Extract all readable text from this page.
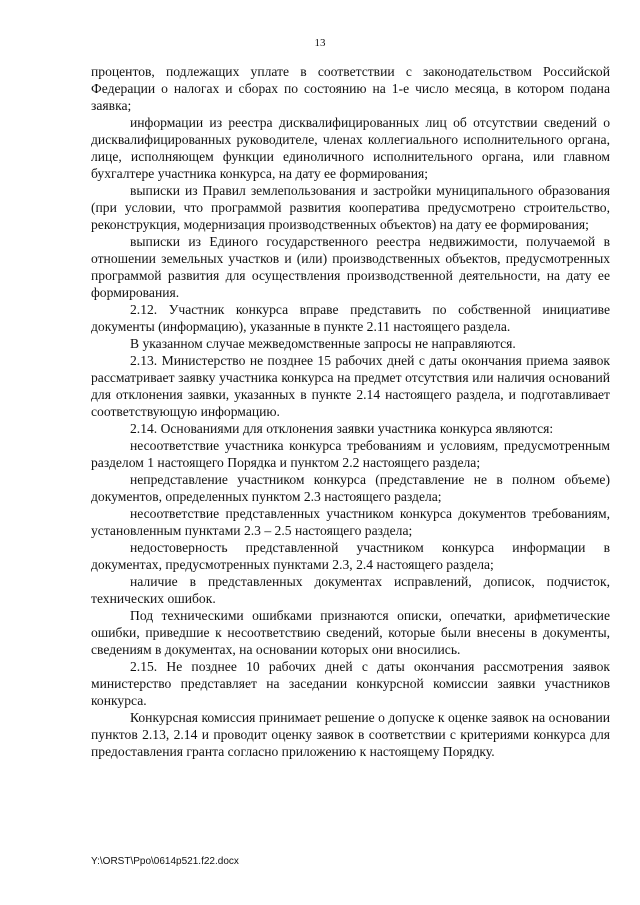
13

процентов, подлежащих уплате в соответствии с законодательством Российской Федерации о налогах и сборах по состоянию на 1-е число месяца, в котором подана заявка;

информации из реестра дисквалифицированных лиц об отсутствии сведений о дисквалифицированных руководителе, членах коллегиального исполнительного органа, лице, исполняющем функции единоличного исполнительного органа, или главном бухгалтере участника конкурса, на дату ее формирования;

выписки из Правил землепользования и застройки муниципального образования (при условии, что программой развития кооператива предусмотрено строительство, реконструкция, модернизация производственных объектов) на дату ее формирования;

выписки из Единого государственного реестра недвижимости, получаемой в отношении земельных участков и (или) производственных объектов, предусмотренных программой развития для осуществления производственной деятельности, на дату ее формирования.

2.12. Участник конкурса вправе представить по собственной инициативе документы (информацию), указанные в пункте 2.11 настоящего раздела.

В указанном случае межведомственные запросы не направляются.

2.13. Министерство не позднее 15 рабочих дней с даты окончания приема заявок рассматривает заявку участника конкурса на предмет отсутствия или наличия оснований для отклонения заявки, указанных в пункте 2.14 настоящего раздела, и подготавливает соответствующую информацию.

2.14. Основаниями для отклонения заявки участника конкурса являются:

несоответствие участника конкурса требованиям и условиям, предусмотренным разделом 1 настоящего Порядка и пунктом 2.2 настоящего раздела;

непредставление участником конкурса (представление не в полном объеме) документов, определенных пунктом 2.3 настоящего раздела;

несоответствие представленных участником конкурса документов требованиям, установленным пунктами 2.3 – 2.5 настоящего раздела;

недостоверность представленной участником конкурса информации в документах, предусмотренных пунктами 2.3, 2.4 настоящего раздела;

наличие в представленных документах исправлений, дописок, подчисток, технических ошибок.

Под техническими ошибками признаются описки, опечатки, арифметические ошибки, приведшие к несоответствию сведений, которые были внесены в документы, сведениям в документах, на основании которых они вносились.

2.15. Не позднее 10 рабочих дней с даты окончания рассмотрения заявок министерство представляет на заседании конкурсной комиссии заявки участников конкурса.

Конкурсная комиссия принимает решение о допуске к оценке заявок на основании пунктов 2.13, 2.14 и проводит оценку заявок в соответствии с критериями конкурса для предоставления гранта согласно приложению к настоящему Порядку.

Y:\ORST\Ppo\0614p521.f22.docx
